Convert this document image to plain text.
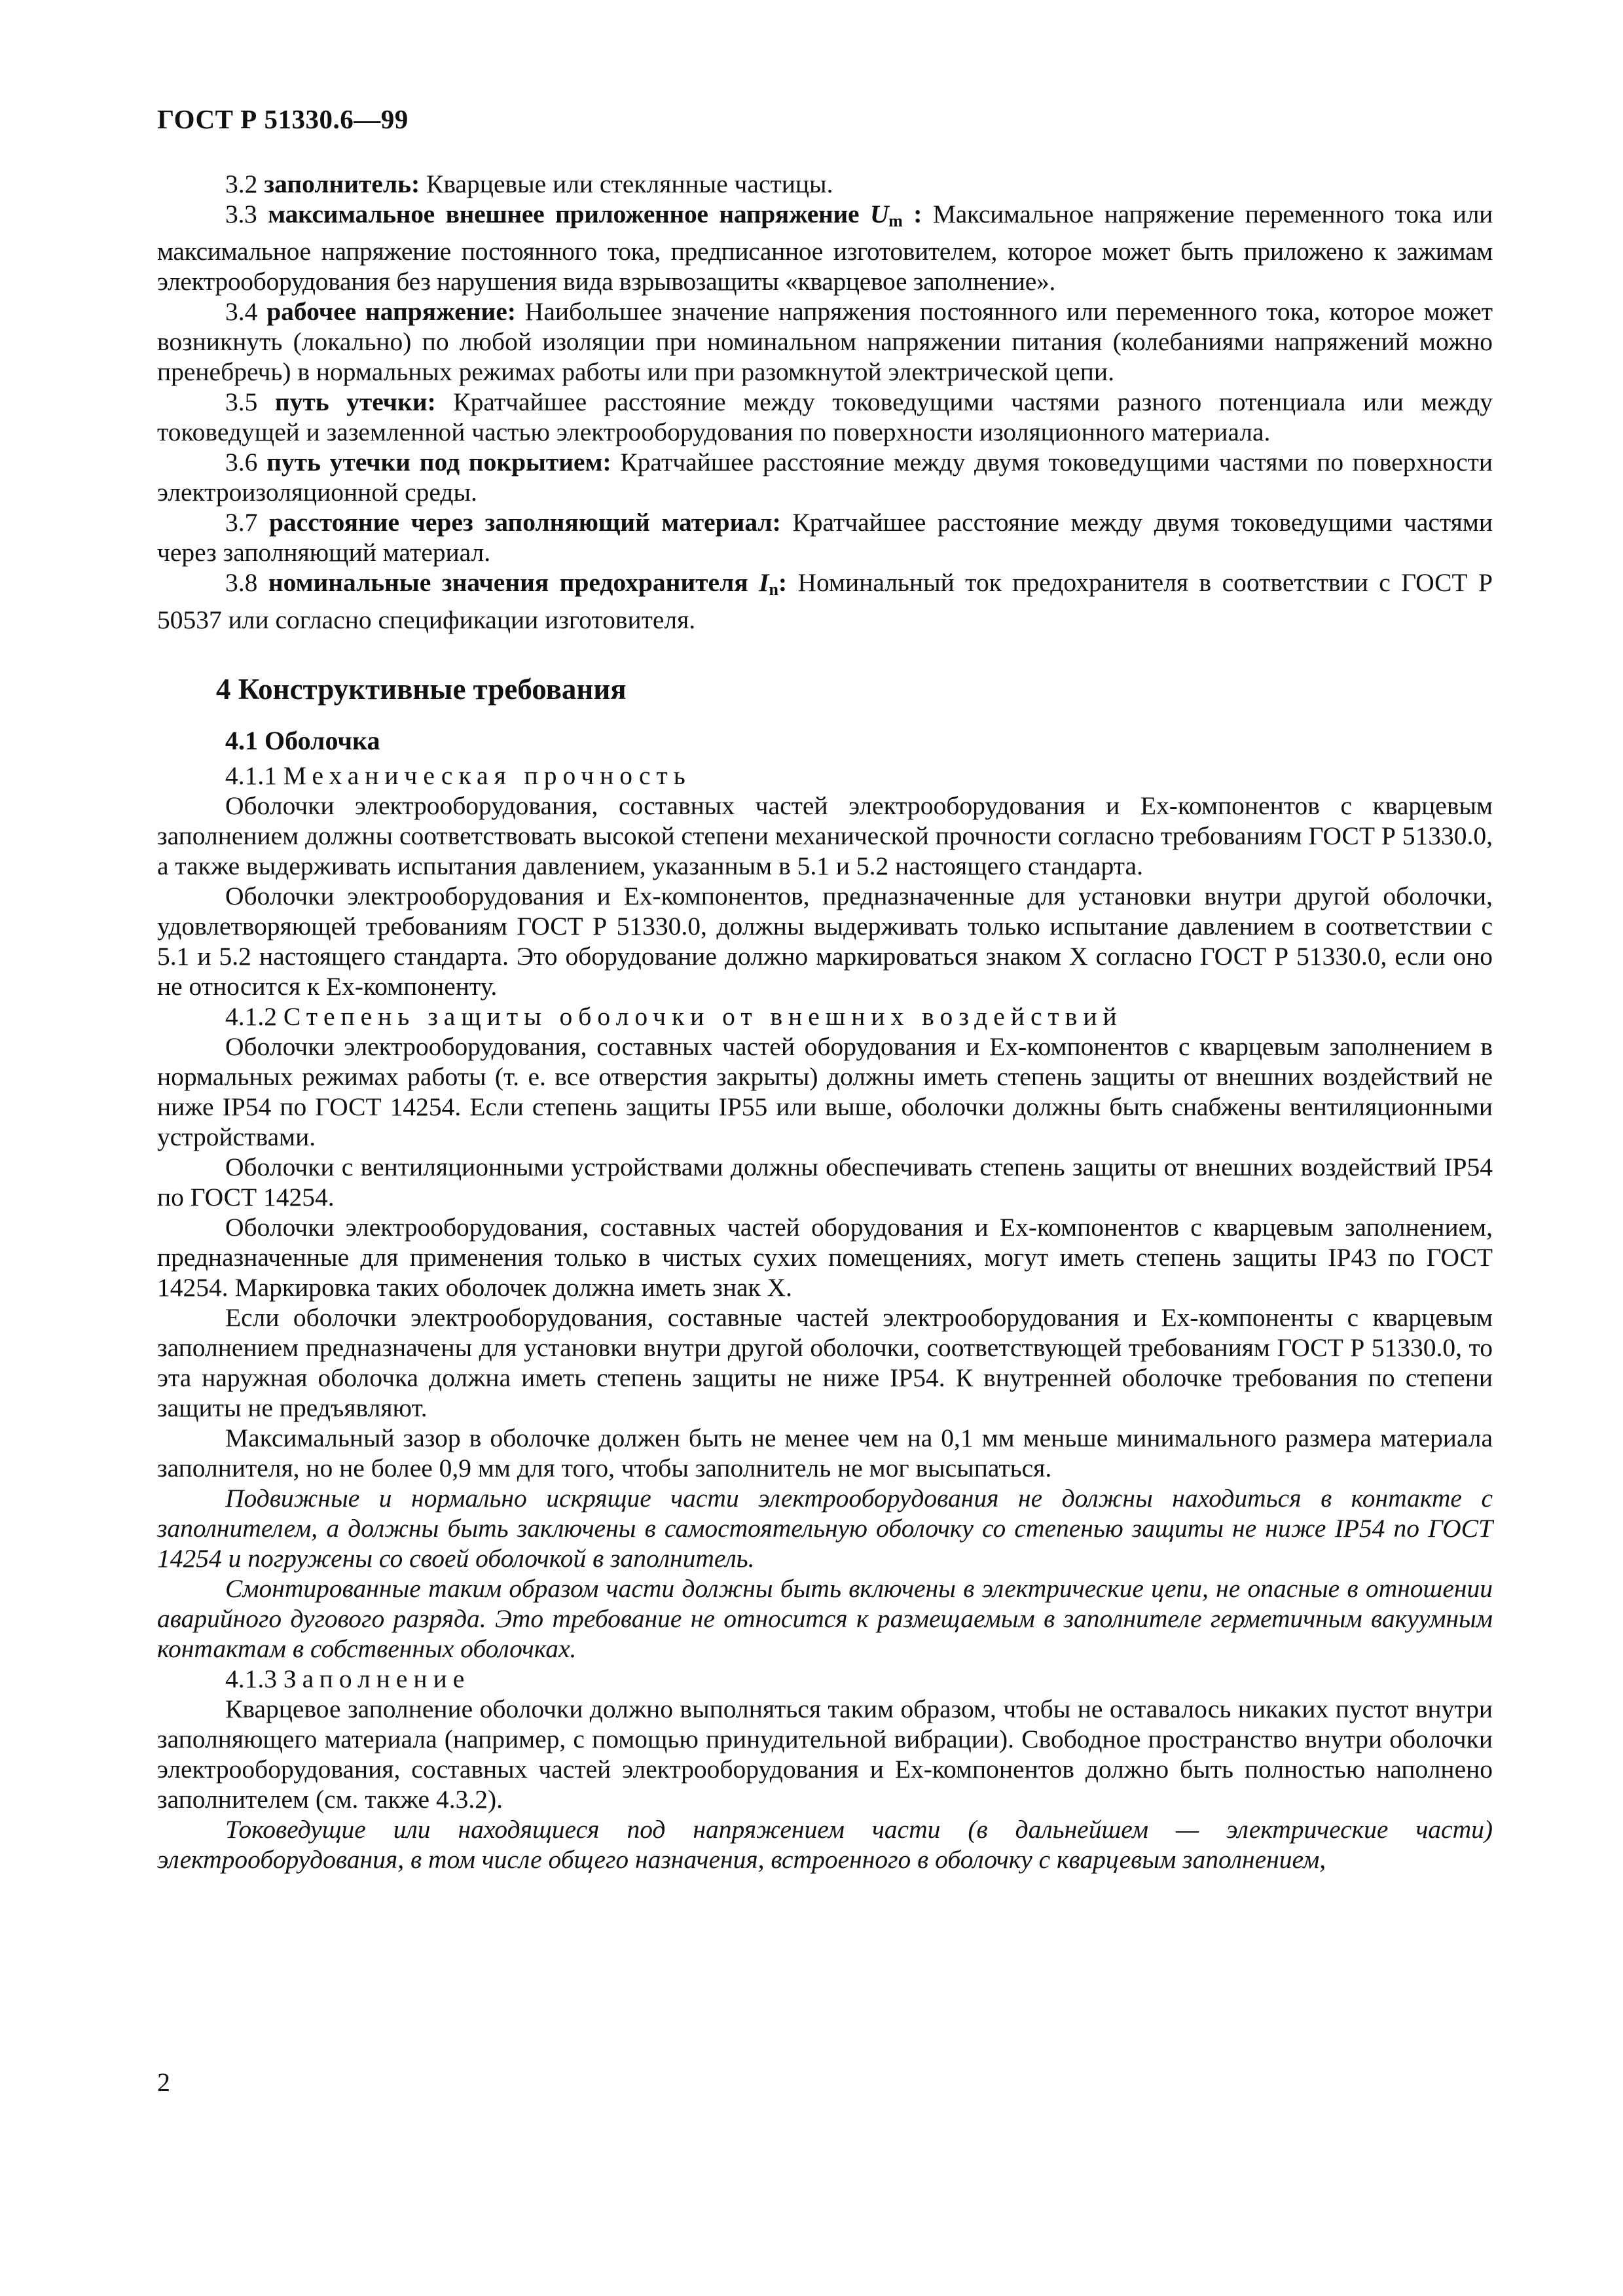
ГОСТ Р 51330.6—99

3.2 заполнитель: Кварцевые или стеклянные частицы.

3.3 максимальное внешнее приложенное напряжение $U_m$ : Максимальное напряжение переменного тока или максимальное напряжение постоянного тока, предписанное изготовителем, которое может быть приложено к зажимам электрооборудования без нарушения вида взрывозащиты «кварцевое заполнение».

3.4 рабочее напряжение: Наибольшее значение напряжения постоянного или переменного тока, которое может возникнуть (локально) по любой изоляции при номинальном напряжении питания (колебаниями напряжений можно пренебречь) в нормальных режимах работы или при разомкнутой электрической цепи.

3.5 путь утечки: Кратчайшее расстояние между токоведущими частями разного потенциала или между токоведущей и заземленной частью электрооборудования по поверхности изоляционного материала.

3.6 путь утечки под покрытием: Кратчайшее расстояние между двумя токоведущими частями по поверхности электроизоляционной среды.

3.7 расстояние через заполняющий материал: Кратчайшее расстояние между двумя токоведущими частями через заполняющий материал.

3.8 номинальные значения предохранителя $I_n$: Номинальный ток предохранителя в соответствии с ГОСТ Р 50537 или согласно спецификации изготовителя.

4 Конструктивные требования
4.1 Оболочка

4.1.1 Механическая прочность

Оболочки электрооборудования, составных частей электрооборудования и Ех-компонентов с кварцевым заполнением должны соответствовать высокой степени механической прочности согласно требованиям ГОСТ Р 51330.0, а также выдерживать испытания давлением, указанным в 5.1 и 5.2 настоящего стандарта.

Оболочки электрооборудования и Ех-компонентов, предназначенные для установки внутри другой оболочки, удовлетворяющей требованиям ГОСТ Р 51330.0, должны выдерживать только испытание давлением в соответствии с 5.1 и 5.2 настоящего стандарта. Это оборудование должно маркироваться знаком X согласно ГОСТ Р 51330.0, если оно не относится к Ех-компоненту.

4.1.2 Степень защиты оболочки от внешних воздействий

Оболочки электрооборудования, составных частей оборудования и Ех-компонентов с кварцевым заполнением в нормальных режимах работы (т. е. все отверстия закрыты) должны иметь степень защиты от внешних воздействий не ниже IP54 по ГОСТ 14254. Если степень защиты IP55 или выше, оболочки должны быть снабжены вентиляционными устройствами.

Оболочки с вентиляционными устройствами должны обеспечивать степень защиты от внешних воздействий IP54 по ГОСТ 14254.

Оболочки электрооборудования, составных частей оборудования и Ех-компонентов с кварцевым заполнением, предназначенные для применения только в чистых сухих помещениях, могут иметь степень защиты IP43 по ГОСТ 14254. Маркировка таких оболочек должна иметь знак X.

Если оболочки электрооборудования, составные частей электрооборудования и Ех-компоненты с кварцевым заполнением предназначены для установки внутри другой оболочки, соответствующей требованиям ГОСТ Р 51330.0, то эта наружная оболочка должна иметь степень защиты не ниже IP54. К внутренней оболочке требования по степени защиты не предъявляют.

Максимальный зазор в оболочке должен быть не менее чем на 0,1 мм меньше минимального размера материала заполнителя, но не более 0,9 мм для того, чтобы заполнитель не мог высыпаться.

Подвижные и нормально искрящие части электрооборудования не должны находиться в контакте с заполнителем, а должны быть заключены в самостоятельную оболочку со степенью защиты не ниже IP54 по ГОСТ 14254 и погружены со своей оболочкой в заполнитель.

Смонтированные таким образом части должны быть включены в электрические цепи, не опасные в отношении аварийного дугового разряда. Это требование не относится к размещаемым в заполнителе герметичным вакуумным контактам в собственных оболочках.

4.1.3 Заполнение

Кварцевое заполнение оболочки должно выполняться таким образом, чтобы не оставалось никаких пустот внутри заполняющего материала (например, с помощью принудительной вибрации). Свободное пространство внутри оболочки электрооборудования, составных частей электрооборудования и Ех-компонентов должно быть полностью наполнено заполнителем (см. также 4.3.2).

Токоведущие или находящиеся под напряжением части (в дальнейшем — электрические части) электрооборудования, в том числе общего назначения, встроенного в оболочку с кварцевым заполнением,

2
